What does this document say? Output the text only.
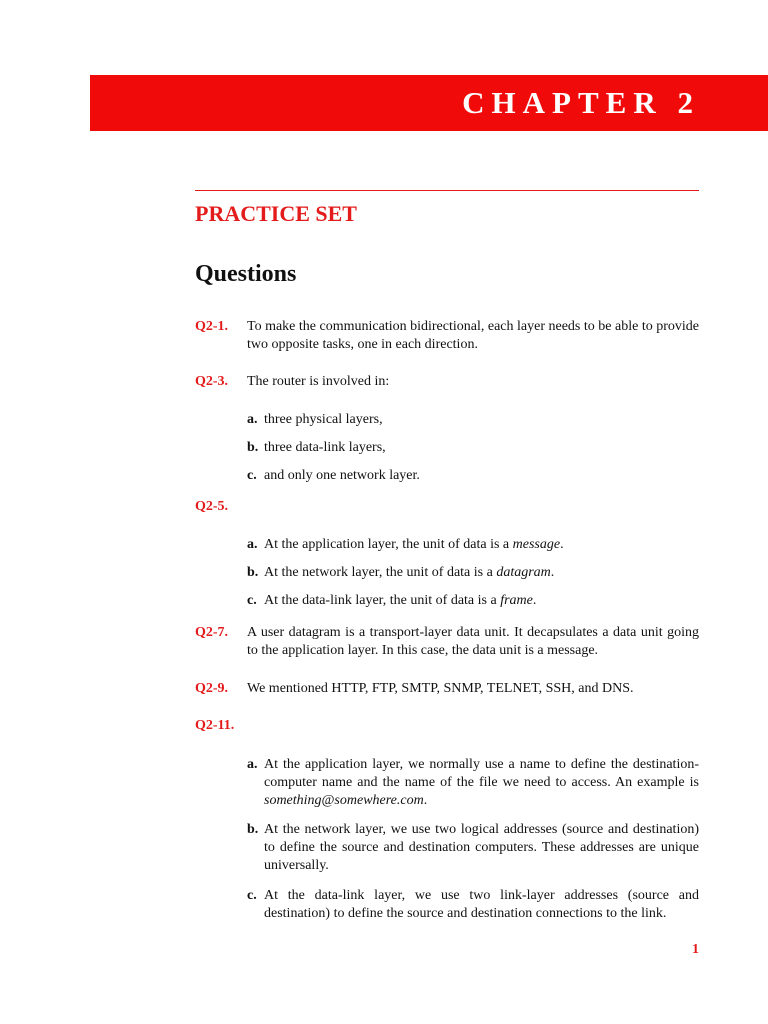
CHAPTER 2
PRACTICE SET
Questions
Q2-1. To make the communication bidirectional, each layer needs to be able to provide two opposite tasks, one in each direction.
Q2-3. The router is involved in:
a. three physical layers,
b. three data-link layers,
c. and only one network layer.
Q2-5.
a. At the application layer, the unit of data is a message.
b. At the network layer, the unit of data is a datagram.
c. At the data-link layer, the unit of data is a frame.
Q2-7. A user datagram is a transport-layer data unit. It decapsulates a data unit going to the application layer. In this case, the data unit is a message.
Q2-9. We mentioned HTTP, FTP, SMTP, SNMP, TELNET, SSH, and DNS.
Q2-11.
a. At the application layer, we normally use a name to define the destination-computer name and the name of the file we need to access. An example is something@somewhere.com.
b. At the network layer, we use two logical addresses (source and destination) to define the source and destination computers. These addresses are unique universally.
c. At the data-link layer, we use two link-layer addresses (source and destination) to define the source and destination connections to the link.
1
